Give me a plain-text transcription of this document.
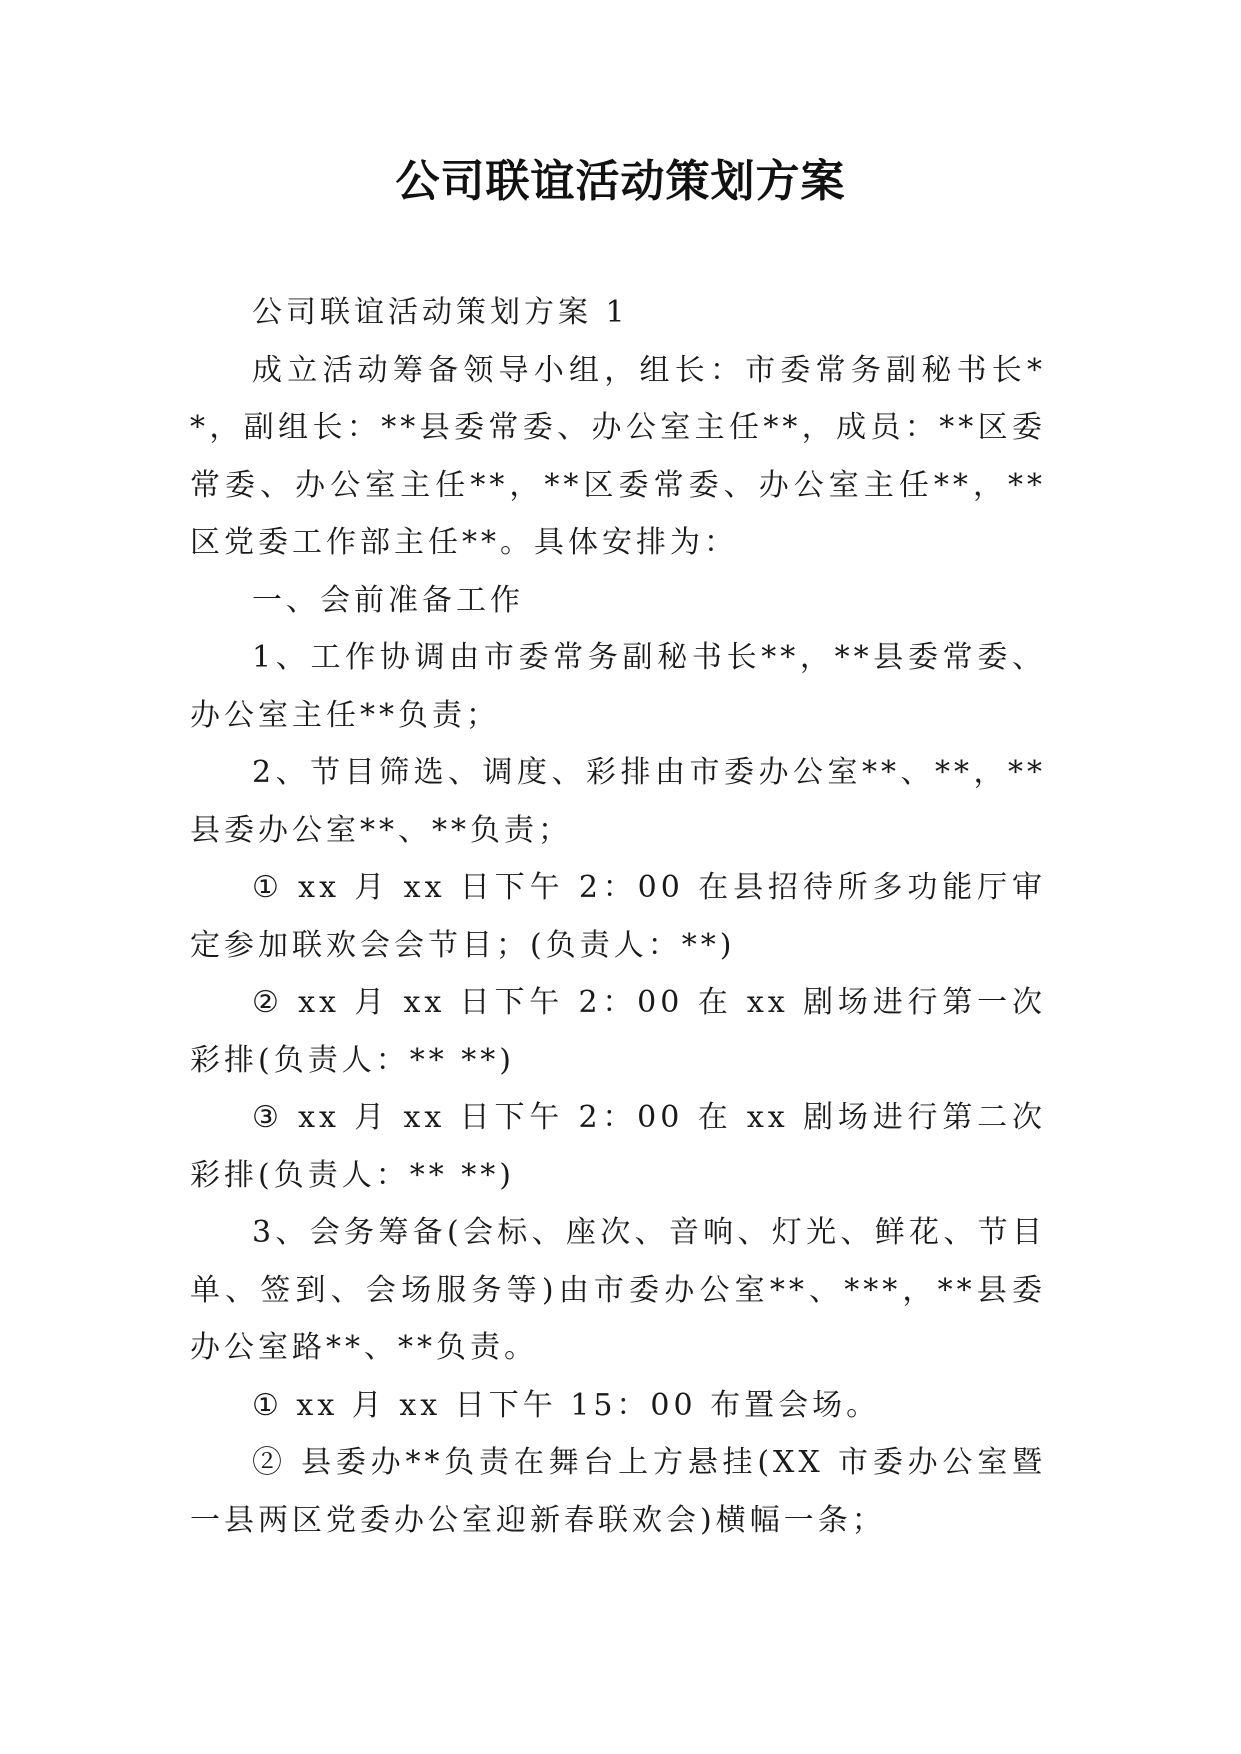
公司联谊活动策划方案

公司联谊活动策划方案 1

成立活动筹备领导小组，组长：市委常务副秘书长**，副组长：**县委常委、办公室主任**，成员：**区委常委、办公室主任**，**区委常委、办公室主任**，**区党委工作部主任**。具体安排为：

一、会前准备工作

1、工作协调由市委常务副秘书长**，**县委常委、办公室主任**负责；

2、节目筛选、调度、彩排由市委办公室**、**，**县委办公室**、**负责；

① xx 月 xx 日下午 2：00 在县招待所多功能厅审定参加联欢会会节目；(负责人：**)

② xx 月 xx 日下午 2：00 在 xx 剧场进行第一次彩排(负责人：** **)

③ xx 月 xx 日下午 2：00 在 xx 剧场进行第二次彩排(负责人：** **)

3、会务筹备(会标、座次、音响、灯光、鲜花、节目单、签到、会场服务等)由市委办公室**、***，**县委办公室路**、**负责。

① xx 月 xx 日下午 15：00 布置会场。

② 县委办**负责在舞台上方悬挂(XX 市委办公室暨一县两区党委办公室迎新春联欢会)横幅一条；
